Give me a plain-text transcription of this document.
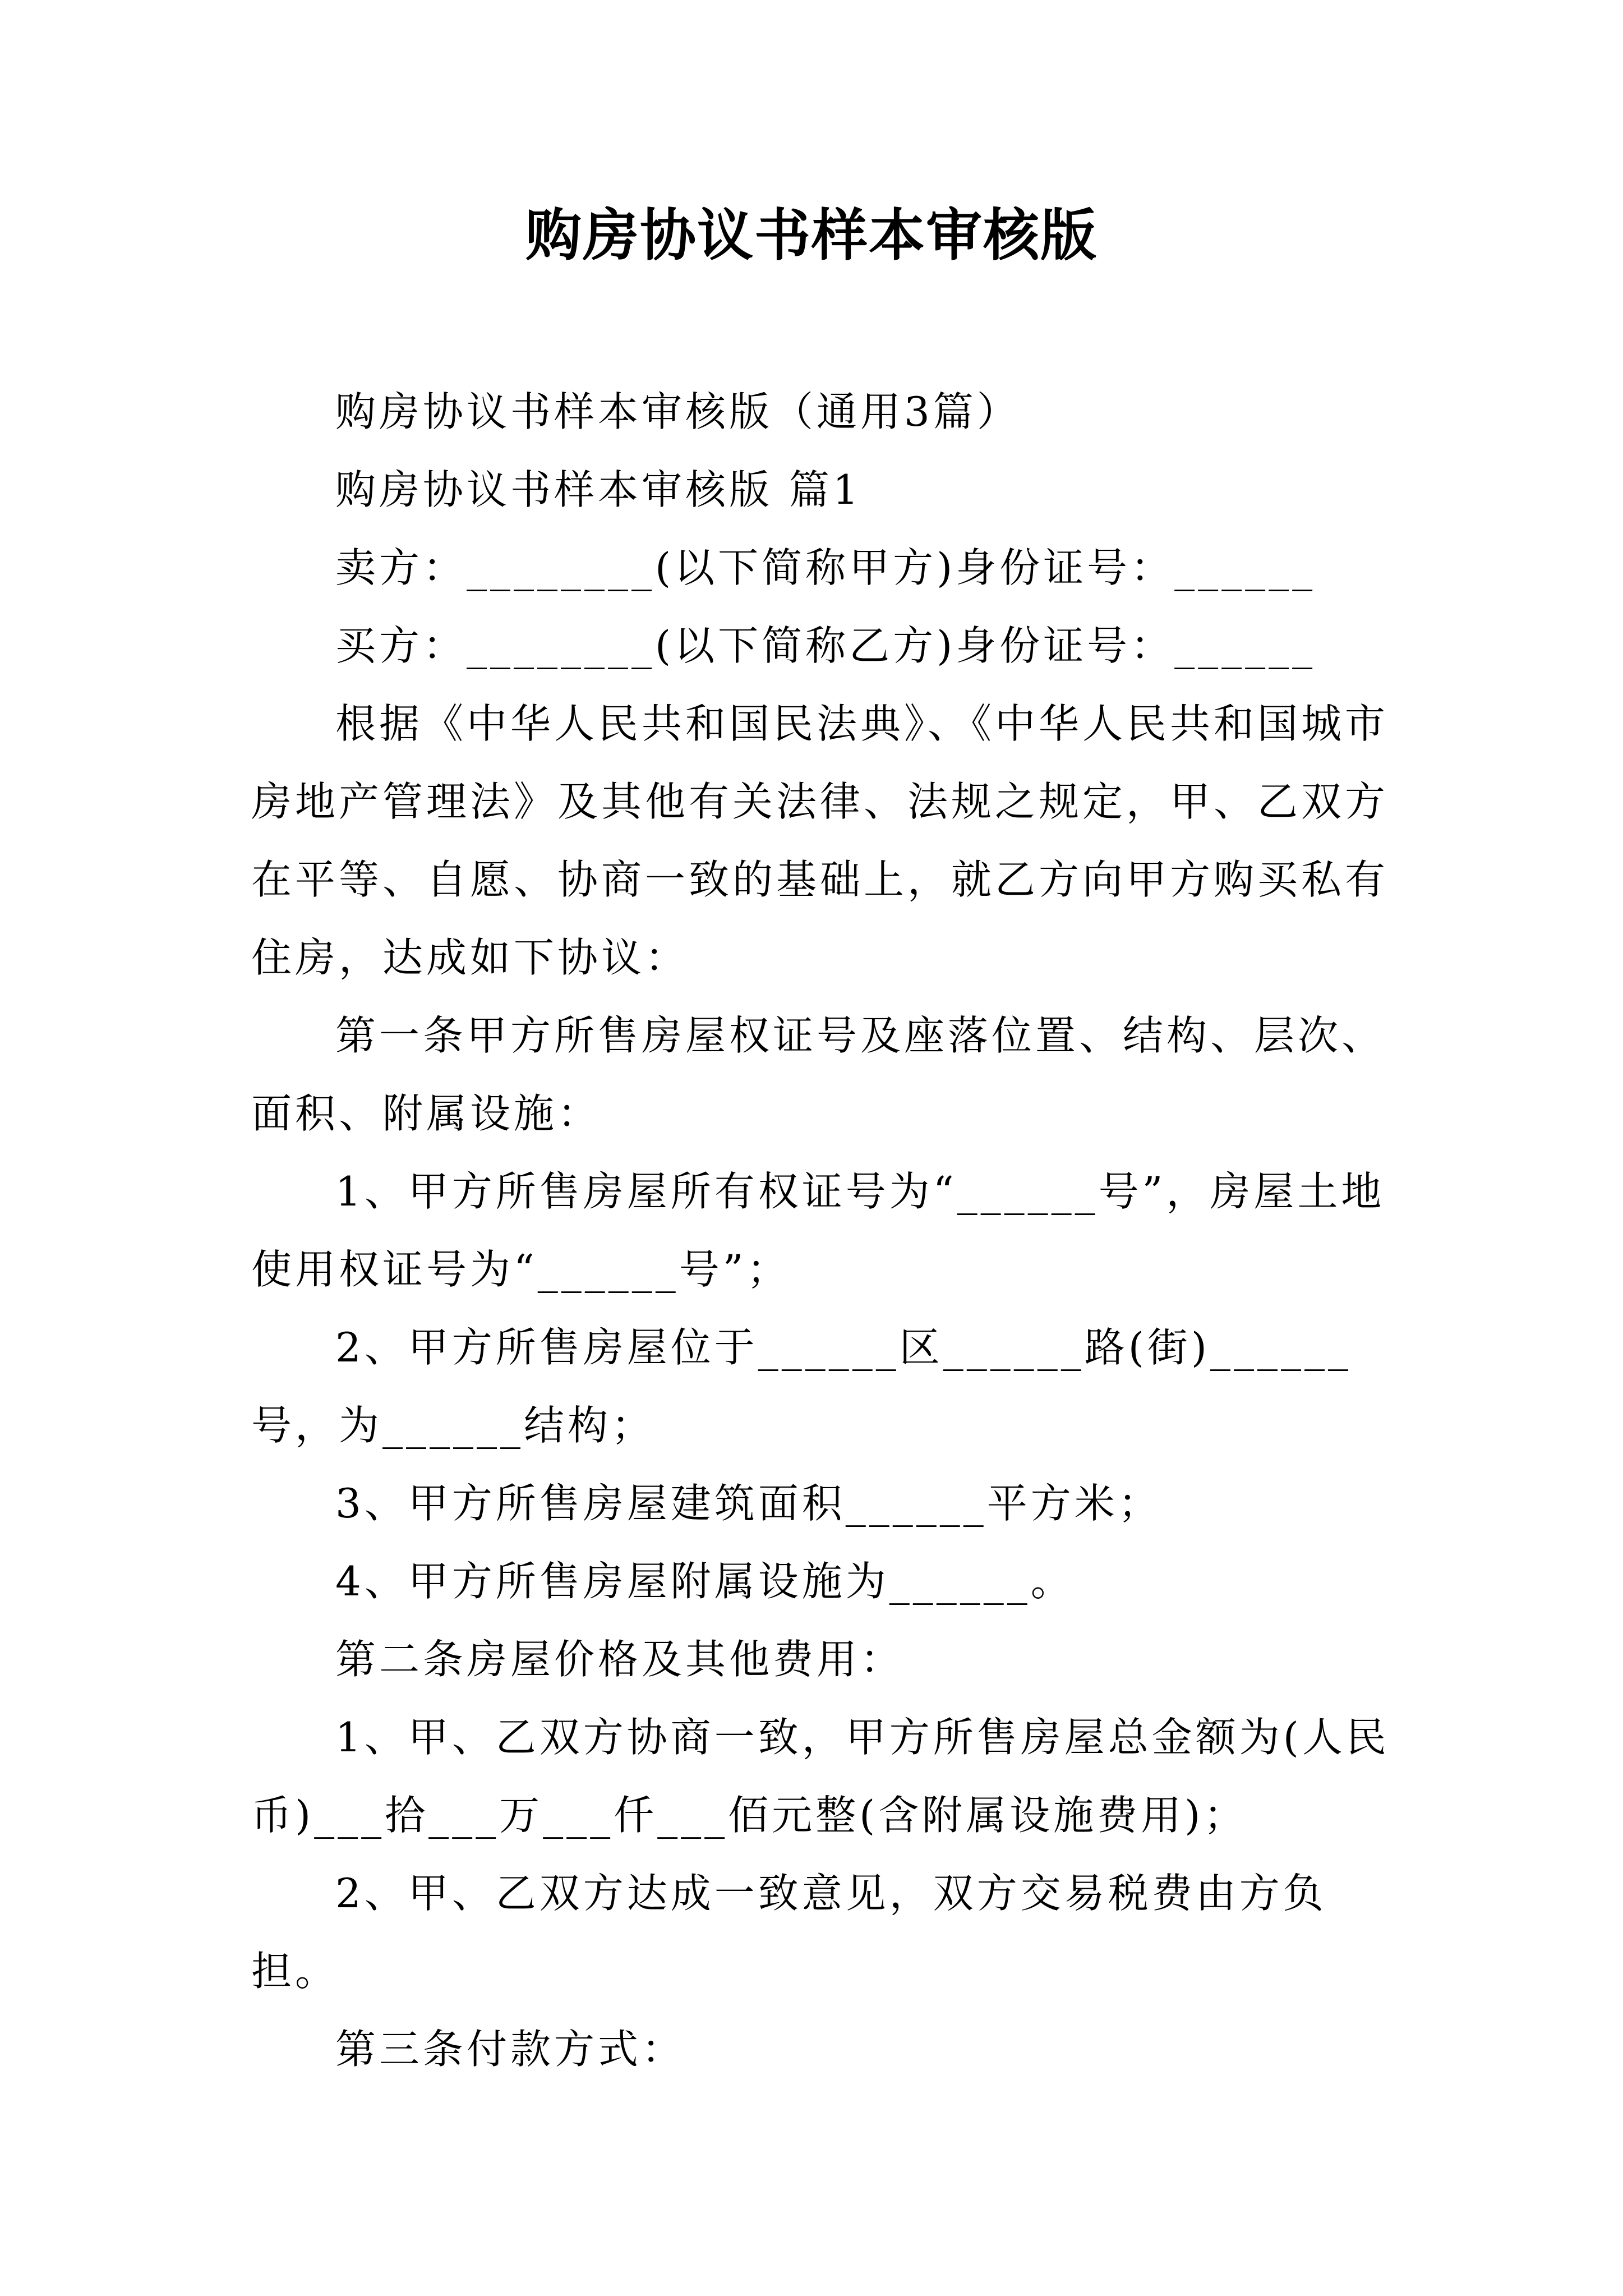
购房协议书样本审核版

购房协议书样本审核版（通用3篇）

购房协议书样本审核版 篇1

卖方：________(以下简称甲方)身份证号：______

买方：________(以下简称乙方)身份证号：______

根据《中华人民共和国民法典》、《中华人民共和国城市房地产管理法》及其他有关法律、法规之规定，甲、乙双方在平等、自愿、协商一致的基础上，就乙方向甲方购买私有住房，达成如下协议：

第一条甲方所售房屋权证号及座落位置、结构、层次、面积、附属设施：

1、甲方所售房屋所有权证号为“______号”，房屋土地使用权证号为“______号”；

2、甲方所售房屋位于______区______路(街)______号，为______结构；

3、甲方所售房屋建筑面积______平方米；

4、甲方所售房屋附属设施为______。

第二条房屋价格及其他费用：

1、甲、乙双方协商一致，甲方所售房屋总金额为(人民币)___拾___万___仟___佰元整(含附属设施费用)；

2、甲、乙双方达成一致意见，双方交易税费由方负担。

第三条付款方式：
